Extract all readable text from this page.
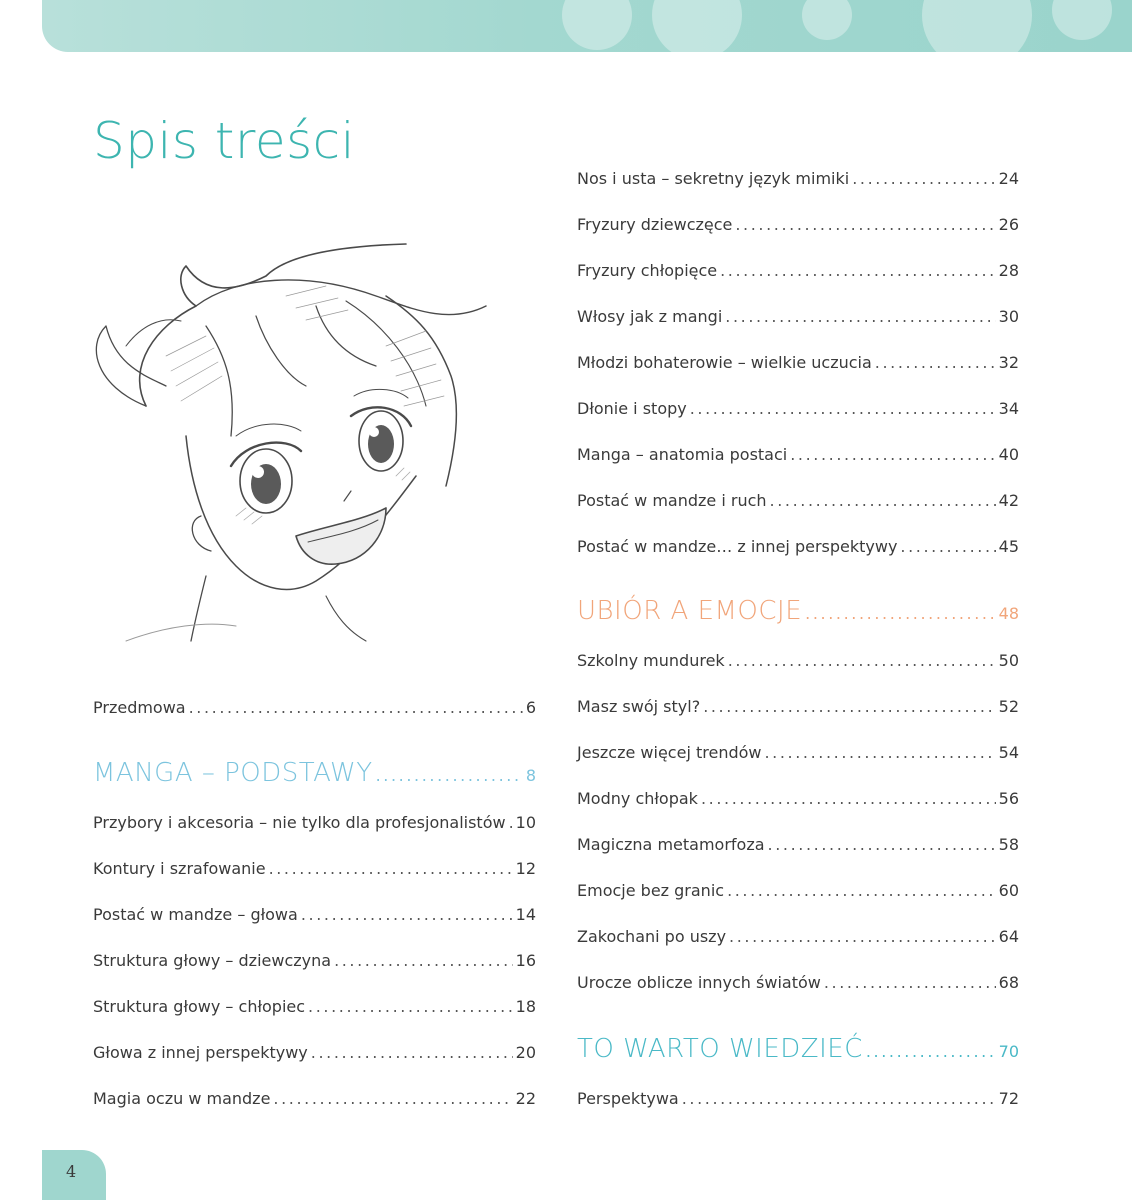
Spis treści
Przedmowa .....	6
MANGA – PODSTAWY .....	8
Przybory i akcesoria – nie tylko dla profesjonalistów ..... 10
Kontury i szrafowanie .....	12
Postać w mandze – głowa .....	14
Struktura głowy – dziewczyna .....	16
Struktura głowy – chłopiec .....	18
Głowa z innej perspektywy .....	20
Magia oczu w mandze .....	22
Nos i usta – sekretny język mimiki .....	24
Fryzury dziewczęce .....	26
Fryzury chłopięce .....	28
Włosy jak z mangi .....	30
Młodzi bohaterowie – wielkie uczucia .....	32
Dłonie i stopy .....	34
Manga – anatomia postaci .....	40
Postać w mandze i ruch .....	42
Postać w mandze… z innej perspektywy .....	45
UBIÓR A EMOCJE .....	48
Szkolny mundurek .....	50
Masz swój styl? .....	52
Jeszcze więcej trendów .....	54
Modny chłopak .....	56
Magiczna metamorfoza .....	58
Emocje bez granic .....	60
Zakochani po uszy .....	64
Urocze oblicze innych światów .....	68
TO WARTO WIEDZIEĆ .....	70
Perspektywa .....	72
4
